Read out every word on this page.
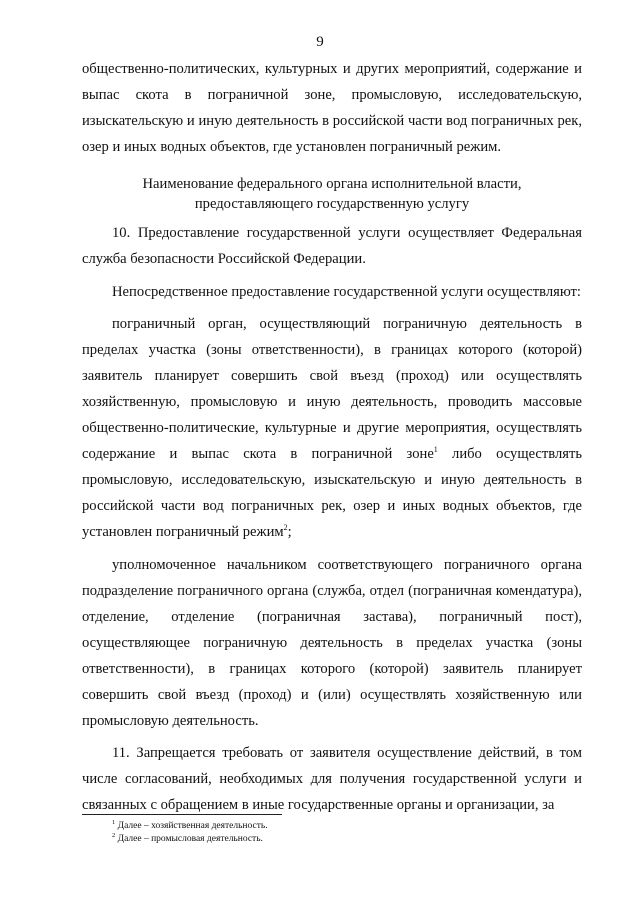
9

общественно-политических, культурных и других мероприятий, содержание и выпас скота в пограничной зоне, промысловую, исследовательскую, изыскательскую и иную деятельность в российской части вод пограничных рек, озер и иных водных объектов, где установлен пограничный режим.

Наименование федерального органа исполнительной власти,
предоставляющего государственную услугу

10. Предоставление государственной услуги осуществляет Федеральная служба безопасности Российской Федерации.

Непосредственное предоставление государственной услуги осуществляют:

пограничный орган, осуществляющий пограничную деятельность в пределах участка (зоны ответственности), в границах которого (которой) заявитель планирует совершить свой въезд (проход) или осуществлять хозяйственную, промысловую и иную деятельность, проводить массовые общественно-политические, культурные и другие мероприятия, осуществлять содержание и выпас скота в пограничной зоне$^1$ либо осуществлять промысловую, исследовательскую, изыскательскую и иную деятельность в российской части вод пограничных рек, озер и иных водных объектов, где установлен пограничный режим$^2$;

уполномоченное начальником соответствующего пограничного органа подразделение пограничного органа (служба, отдел (пограничная комендатура), отделение, отделение (пограничная застава), пограничный пост), осуществляющее пограничную деятельность в пределах участка (зоны ответственности), в границах которого (которой) заявитель планирует совершить свой въезд (проход) и (или) осуществлять хозяйственную или промысловую деятельность.

11. Запрещается требовать от заявителя осуществление действий, в том числе согласований, необходимых для получения государственной услуги и связанных с обращением в иные государственные органы и организации, за

$^1$ Далее – хозяйственная деятельность.
$^2$ Далее – промысловая деятельность.
